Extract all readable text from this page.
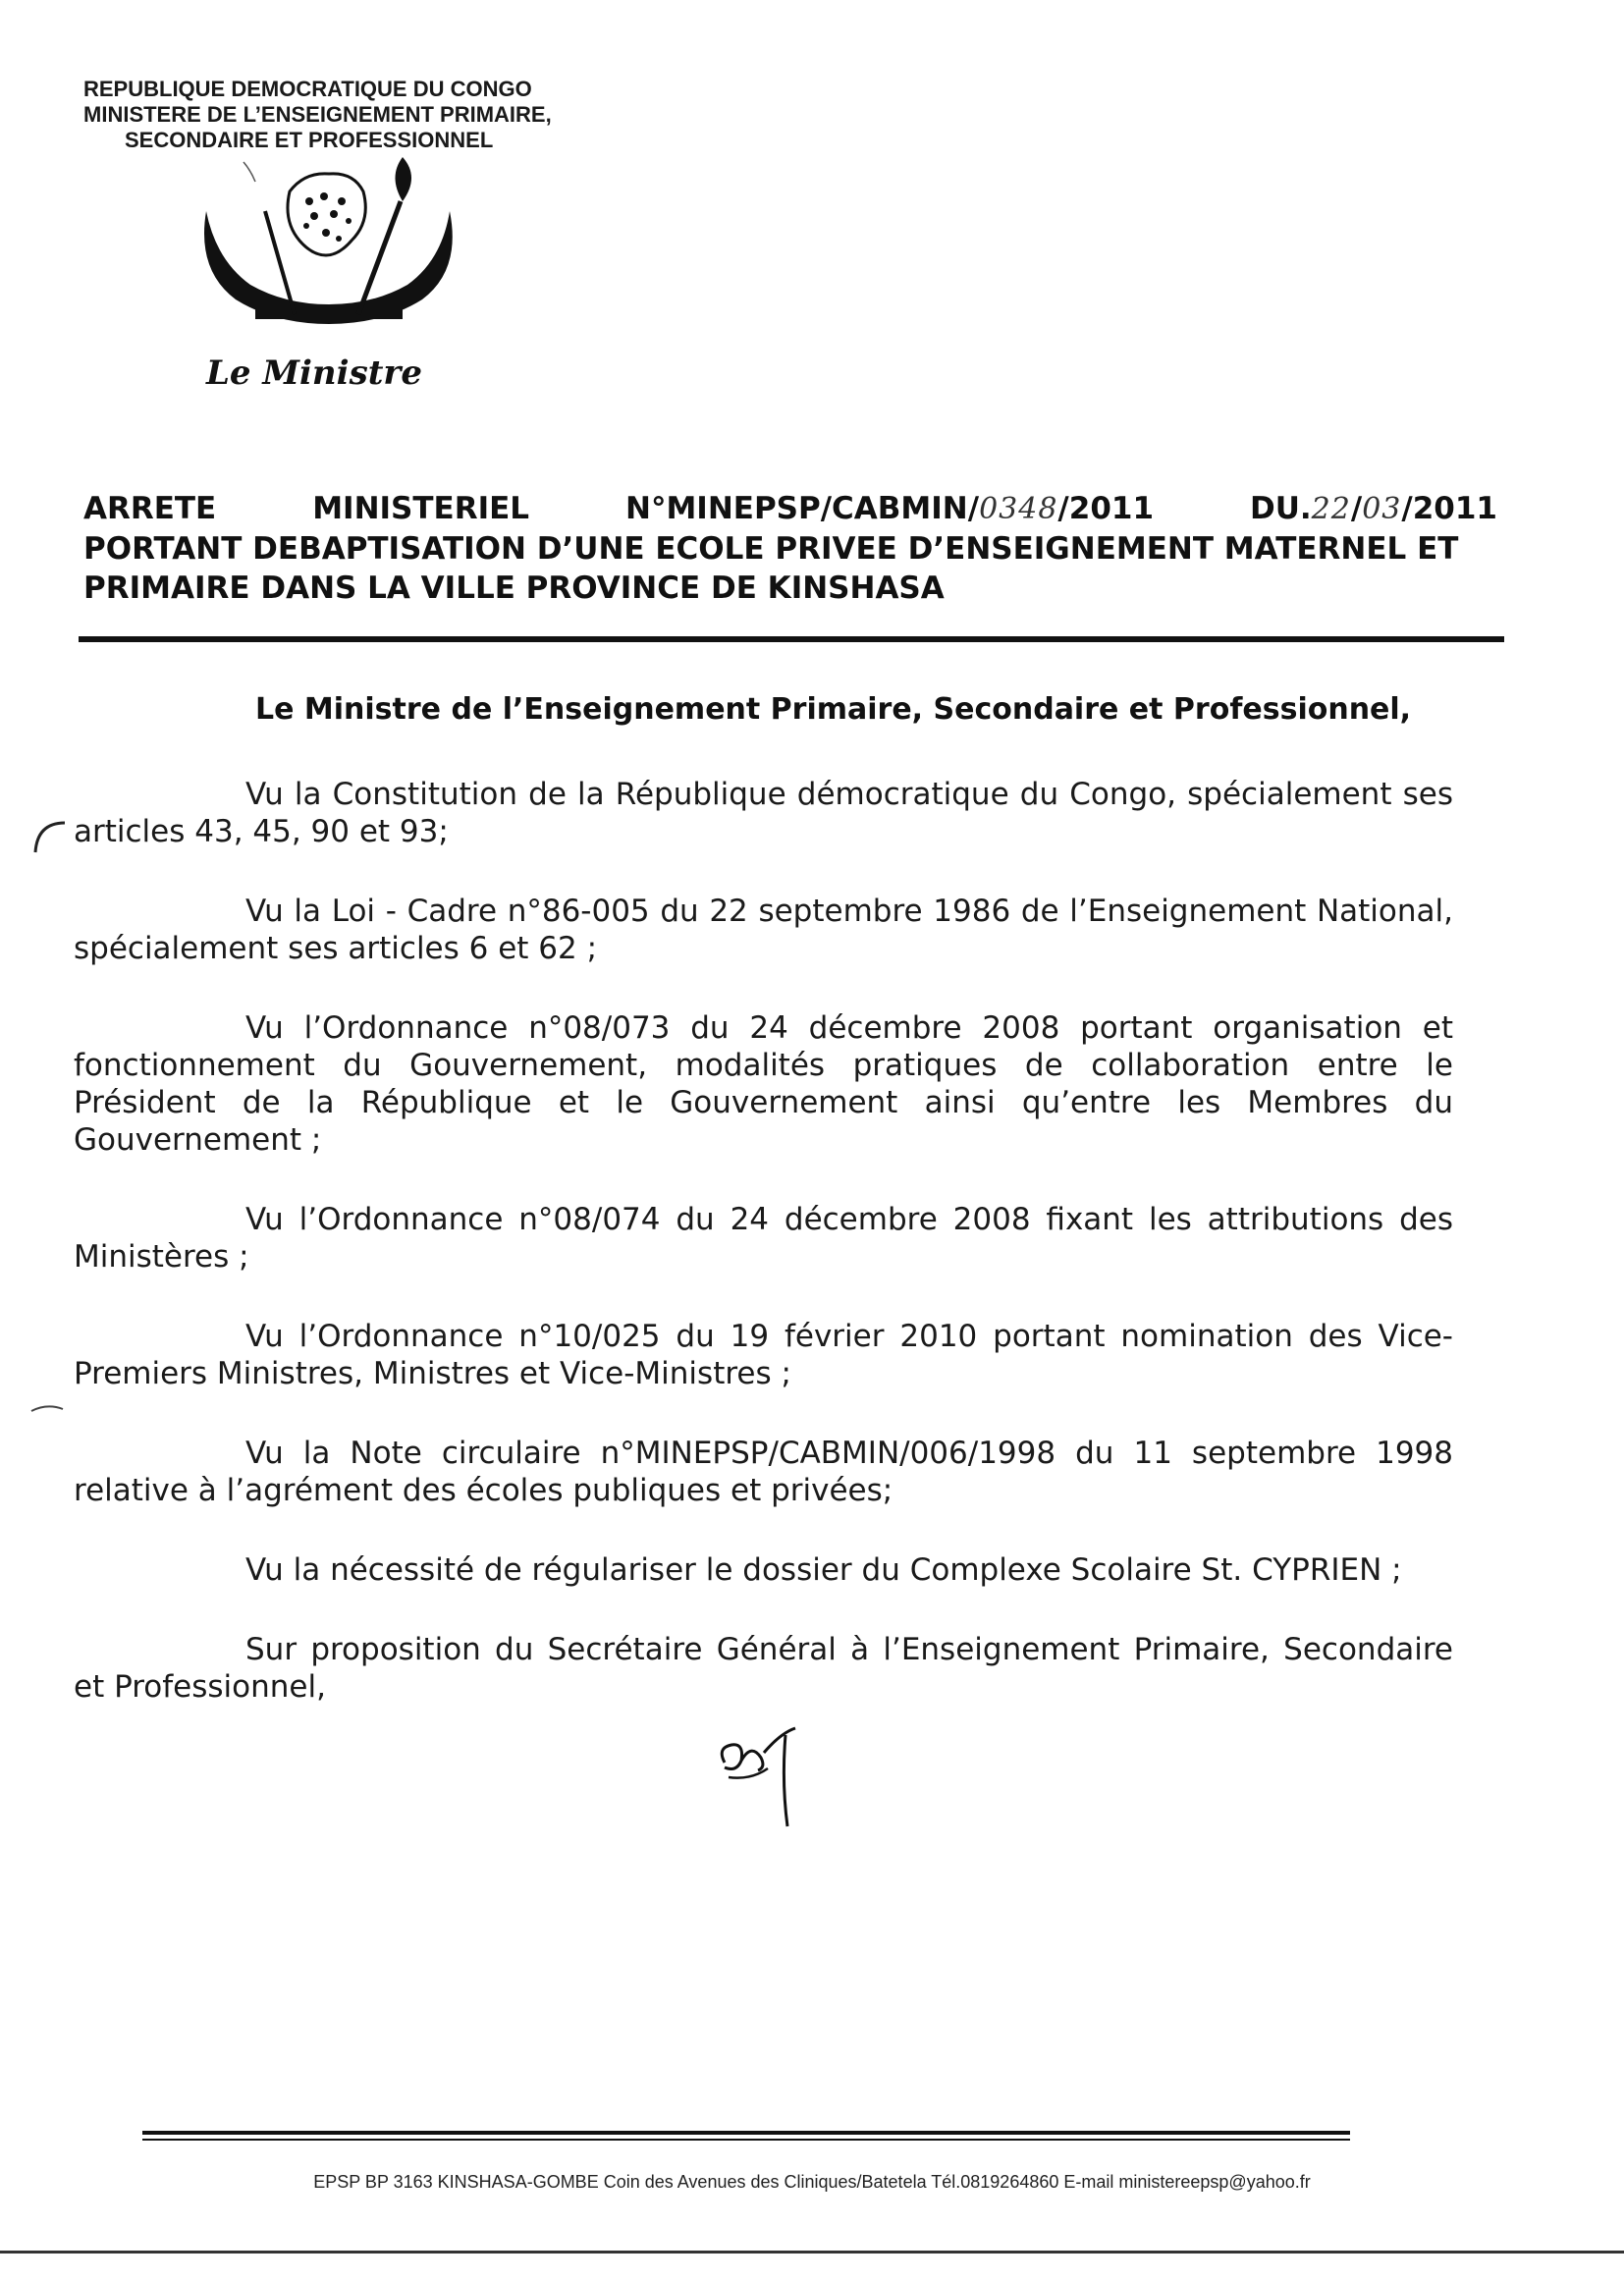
REPUBLIQUE DEMOCRATIQUE DU CONGO
MINISTERE DE L’ENSEIGNEMENT PRIMAIRE,
SECONDAIRE ET PROFESSIONNEL
Le Ministre
ARRETE	MINISTERIEL	N°MINEPSP/CABMIN/0348/2011	DU.22/03/2011
PORTANT DEBAPTISATION D’UNE ECOLE PRIVEE D’ENSEIGNEMENT MATERNEL ET
PRIMAIRE DANS LA VILLE PROVINCE DE KINSHASA
Le Ministre de l’Enseignement Primaire, Secondaire et Professionnel,

Vu la Constitution de la République démocratique du Congo, spécialement ses articles 43, 45, 90 et 93;

Vu la Loi - Cadre n°86-005 du 22 septembre 1986 de l’Enseignement National, spécialement ses articles 6 et 62 ;

Vu l’Ordonnance n°08/073 du 24 décembre 2008 portant organisation et fonctionnement du Gouvernement, modalités pratiques de collaboration entre le Président de la République et le Gouvernement ainsi qu’entre les Membres du Gouvernement ;

Vu l’Ordonnance n°08/074 du 24 décembre 2008 fixant les attributions des Ministères ;

Vu l’Ordonnance n°10/025 du 19 février 2010 portant nomination des Vice-Premiers Ministres, Ministres et Vice-Ministres ;

Vu la Note circulaire n°MINEPSP/CABMIN/006/1998 du 11 septembre 1998 relative à l’agrément des écoles publiques et privées;

Vu la nécessité de régulariser le dossier du Complexe Scolaire St. CYPRIEN ;

Sur proposition du Secrétaire Général à l’Enseignement Primaire, Secondaire et Professionnel,

EPSP BP 3163 KINSHASA-GOMBE Coin des Avenues des Cliniques/Batetela Tél.0819264860 E-mail ministereepsp@yahoo.fr
